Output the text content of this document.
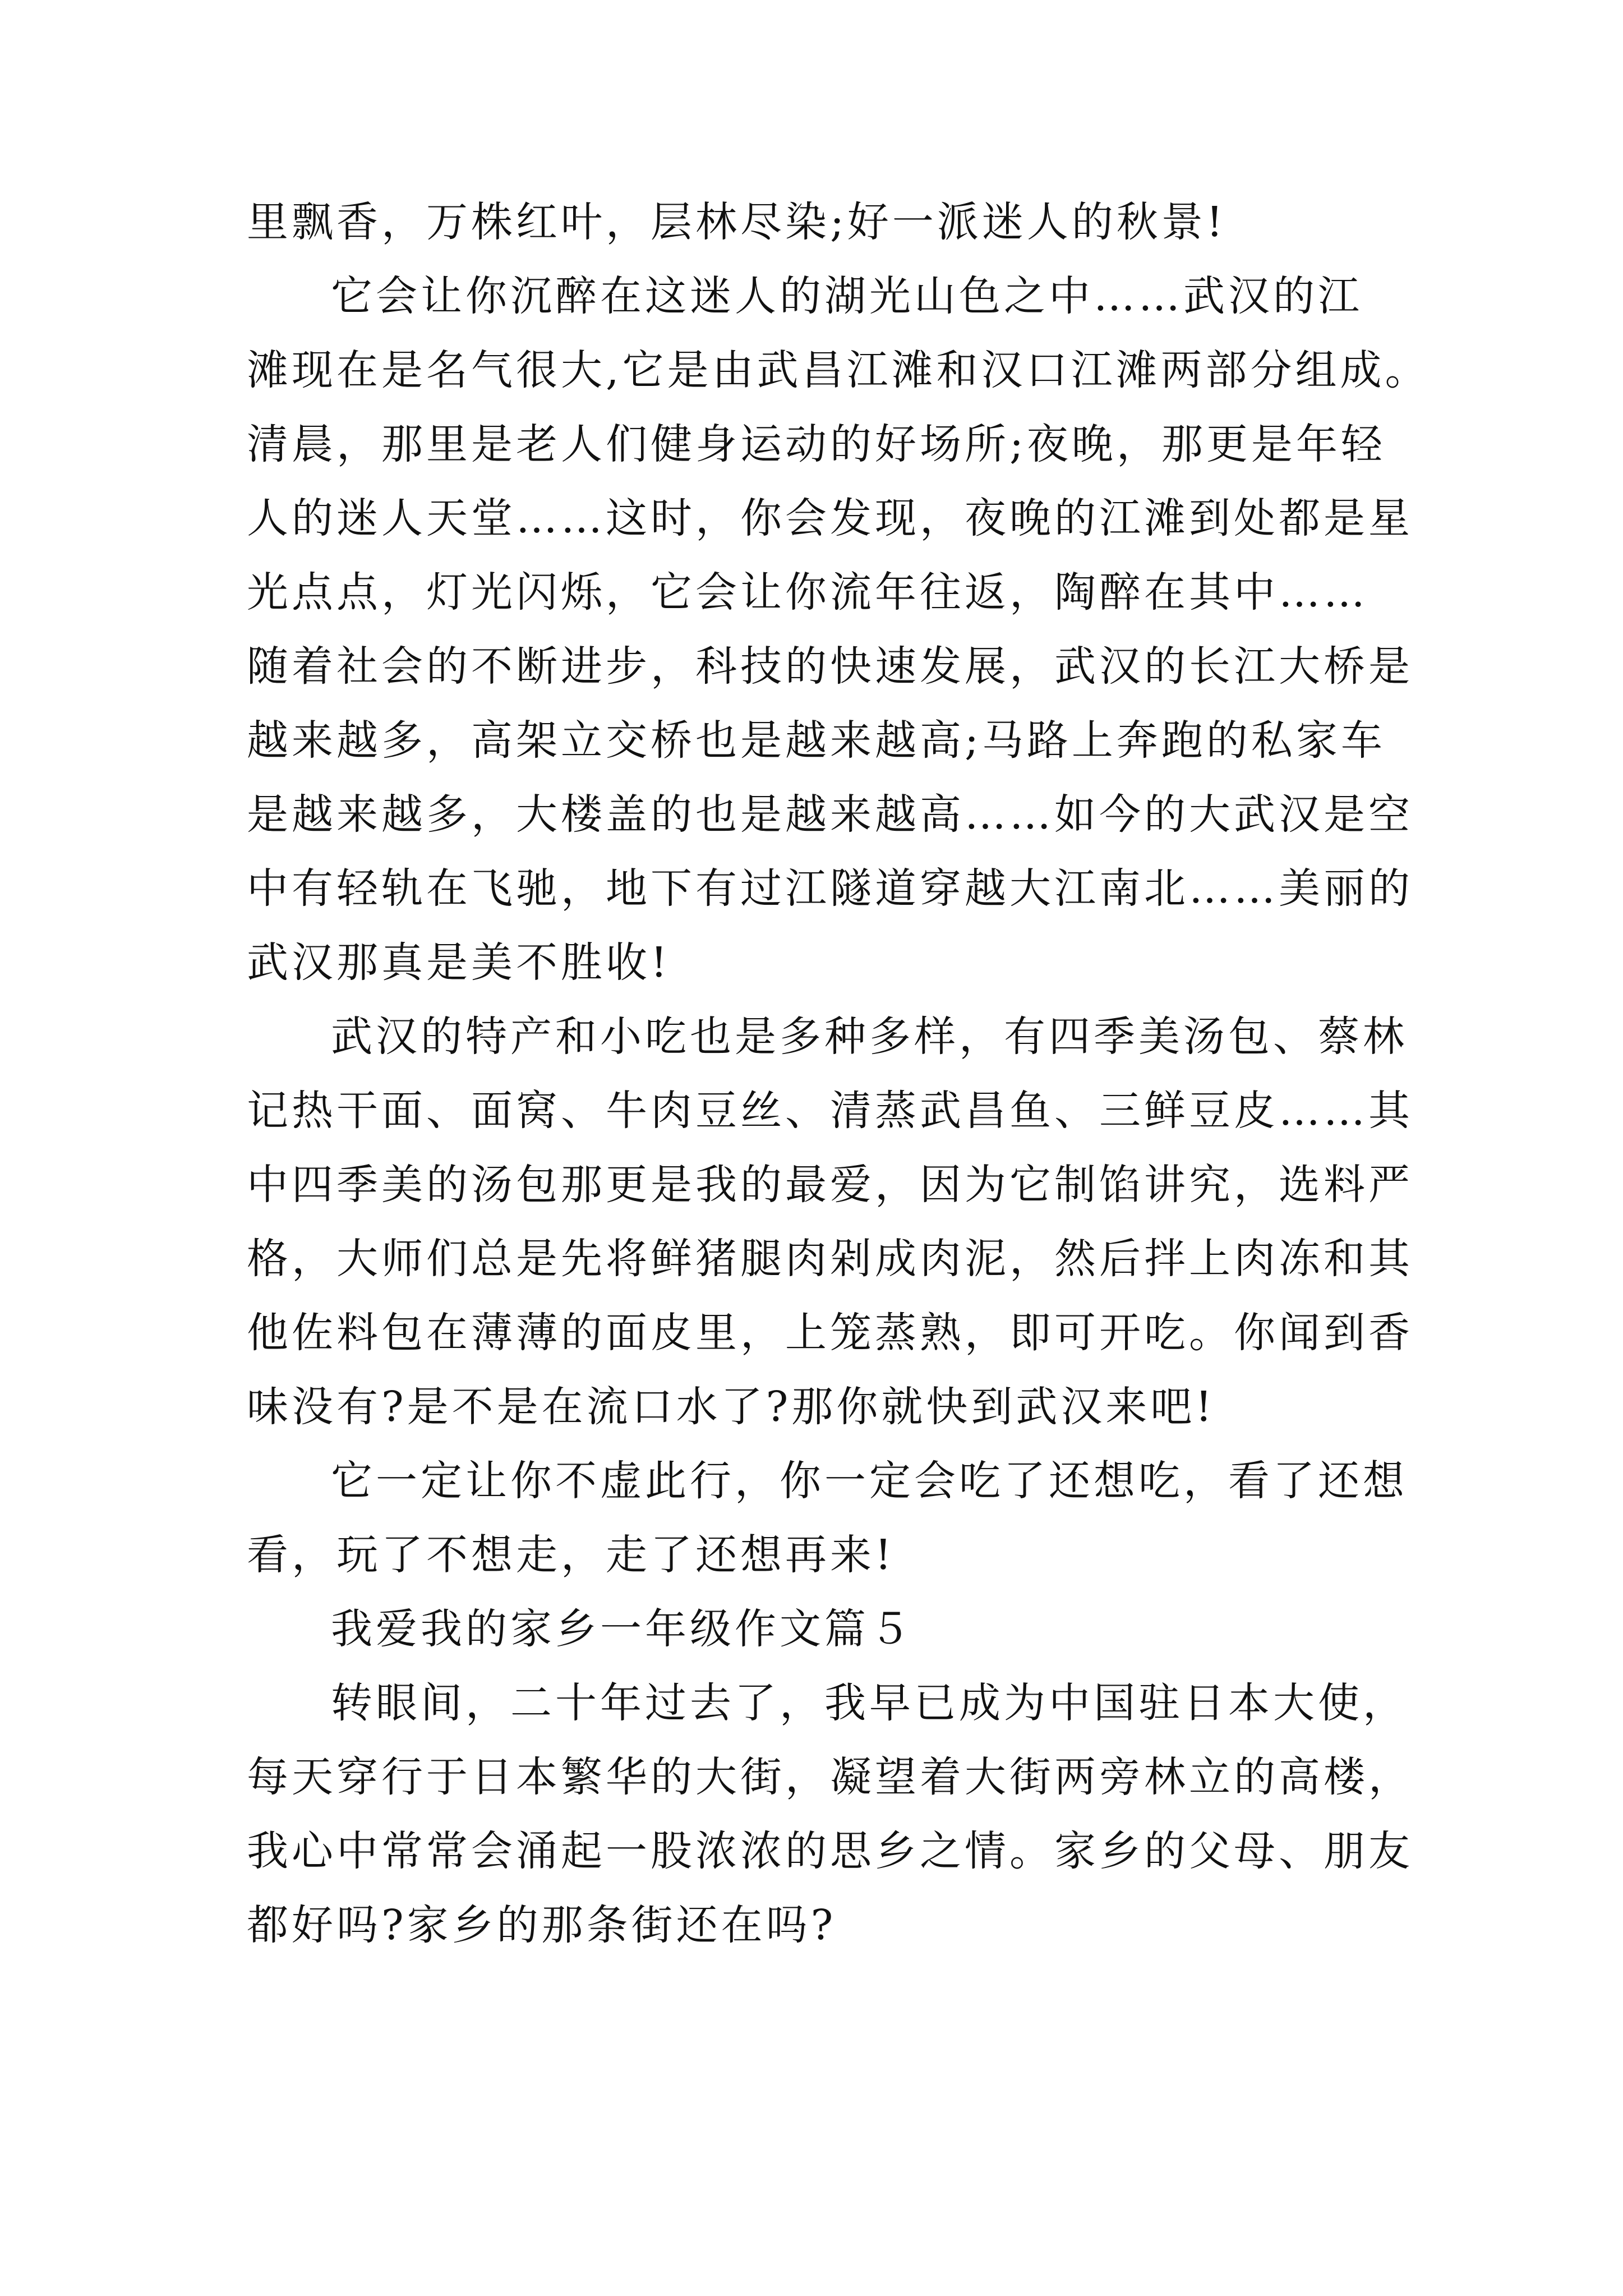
里飘香，万株红叶，层林尽染;好一派迷人的秋景!
它会让你沉醉在这迷人的湖光山色之中……武汉的江
滩现在是名气很大,它是由武昌江滩和汉口江滩两部分组成。
清晨，那里是老人们健身运动的好场所;夜晚，那更是年轻
人的迷人天堂……这时，你会发现，夜晚的江滩到处都是星
光点点，灯光闪烁，它会让你流年往返，陶醉在其中……
随着社会的不断进步，科技的快速发展，武汉的长江大桥是
越来越多，高架立交桥也是越来越高;马路上奔跑的私家车
是越来越多，大楼盖的也是越来越高……如今的大武汉是空
中有轻轨在飞驰，地下有过江隧道穿越大江南北……美丽的
武汉那真是美不胜收!
武汉的特产和小吃也是多种多样，有四季美汤包、蔡林
记热干面、面窝、牛肉豆丝、清蒸武昌鱼、三鲜豆皮……其
中四季美的汤包那更是我的最爱，因为它制馅讲究，选料严
格，大师们总是先将鲜猪腿肉剁成肉泥，然后拌上肉冻和其
他佐料包在薄薄的面皮里，上笼蒸熟，即可开吃。你闻到香
味没有?是不是在流口水了?那你就快到武汉来吧!
它一定让你不虚此行，你一定会吃了还想吃，看了还想
看，玩了不想走，走了还想再来!
我爱我的家乡一年级作文篇５
转眼间，二十年过去了，我早已成为中国驻日本大使，
每天穿行于日本繁华的大街，凝望着大街两旁林立的高楼，
我心中常常会涌起一股浓浓的思乡之情。家乡的父母、朋友
都好吗?家乡的那条街还在吗?
